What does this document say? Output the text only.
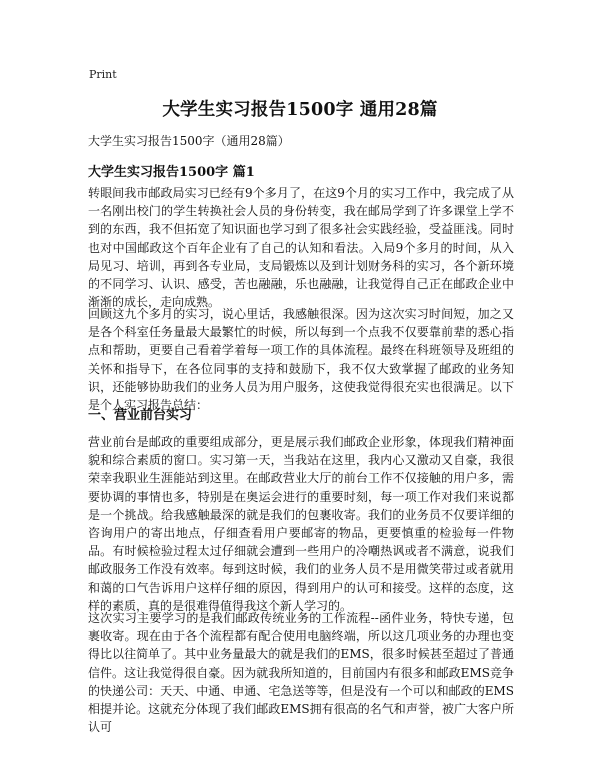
Print
大学生实习报告1500字 通用28篇
大学生实习报告1500字（通用28篇）
大学生实习报告1500字 篇1

转眼间我市邮政局实习已经有9个多月了，在这9个月的实习工作中，我完成了从一名刚出校门的学生转换社会人员的身份转变，我在邮局学到了许多课堂上学不到的东西，我不但拓宽了知识面也学习到了很多社会实践经验，受益匪浅。同时也对中国邮政这个百年企业有了自己的认知和看法。入局9个多月的时间，从入局见习、培训，再到各专业局，支局锻炼以及到计划财务科的实习，各个新环境的不同学习、认识、感受，苦也融融，乐也融融，让我觉得自己正在邮政企业中渐渐的成长，走向成熟。

回顾这九个多月的实习，说心里话，我感触很深。因为这次实习时间短，加之又是各个科室任务量最大最繁忙的时候，所以每到一个点我不仅要靠前辈的悉心指点和帮助，更要自己看着学着每一项工作的具体流程。最终在科班领导及班组的关怀和指导下，在各位同事的支持和鼓励下，我不仅大致掌握了邮政的业务知识，还能够协助我们的业务人员为用户服务，这使我觉得很充实也很满足。以下是个人实习报告总结：

一、营业前台实习

营业前台是邮政的重要组成部分，更是展示我们邮政企业形象，体现我们精神面貌和综合素质的窗口。实习第一天，当我站在这里，我内心又激动又自豪，我很荣幸我职业生涯能站到这里。在邮政营业大厅的前台工作不仅接触的用户多，需要协调的事情也多，特别是在奥运会进行的重要时刻，每一项工作对我们来说都是一个挑战。给我感触最深的就是我们的包裹收寄。我们的业务员不仅要详细的咨询用户的寄出地点，仔细查看用户要邮寄的物品，更要慎重的检验每一件物品。有时候检验过程太过仔细就会遭到一些用户的冷嘲热讽或者不满意，说我们邮政服务工作没有效率。每到这时候，我们的业务人员不是用微笑带过或者就用和蔼的口气告诉用户这样仔细的原因，得到用户的认可和接受。这样的态度，这样的素质，真的是很难得值得我这个新人学习的。

这次实习主要学习的是我们邮政传统业务的工作流程--函件业务，特快专递，包裹收寄。现在由于各个流程都有配合使用电脑终端，所以这几项业务的办理也变得比以往简单了。其中业务量最大的就是我们的EMS，很多时候甚至超过了普通信件。这让我觉得很自豪。因为就我所知道的，目前国内有很多和邮政EMS竞争的快递公司：天天、中通、申通、宅急送等等，但是没有一个可以和邮政的EMS相提并论。这就充分体现了我们邮政EMS拥有很高的名气和声誉，被广大客户所认可
